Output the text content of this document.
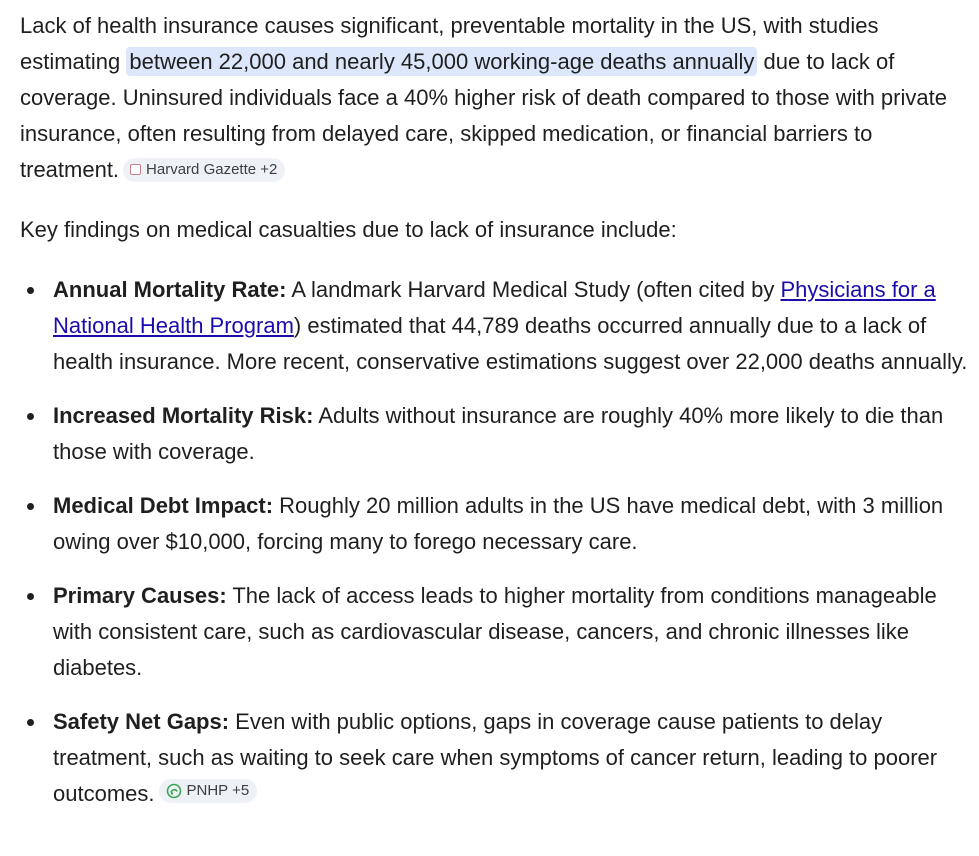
Lack of health insurance causes significant, preventable mortality in the US, with studies estimating between 22,000 and nearly 45,000 working-age deaths annually due to lack of coverage. Uninsured individuals face a 40% higher risk of death compared to those with private insurance, often resulting from delayed care, skipped medication, or financial barriers to treatment. Harvard Gazette +2

Key findings on medical casualties due to lack of insurance include:

Annual Mortality Rate: A landmark Harvard Medical Study (often cited by Physicians for a National Health Program) estimated that 44,789 deaths occurred annually due to a lack of health insurance. More recent, conservative estimations suggest over 22,000 deaths annually.
Increased Mortality Risk: Adults without insurance are roughly 40% more likely to die than those with coverage.
Medical Debt Impact: Roughly 20 million adults in the US have medical debt, with 3 million owing over $10,000, forcing many to forego necessary care.
Primary Causes: The lack of access leads to higher mortality from conditions manageable with consistent care, such as cardiovascular disease, cancers, and chronic illnesses like diabetes.
Safety Net Gaps: Even with public options, gaps in coverage cause patients to delay treatment, such as waiting to seek care when symptoms of cancer return, leading to poorer outcomes. PNHP +5
